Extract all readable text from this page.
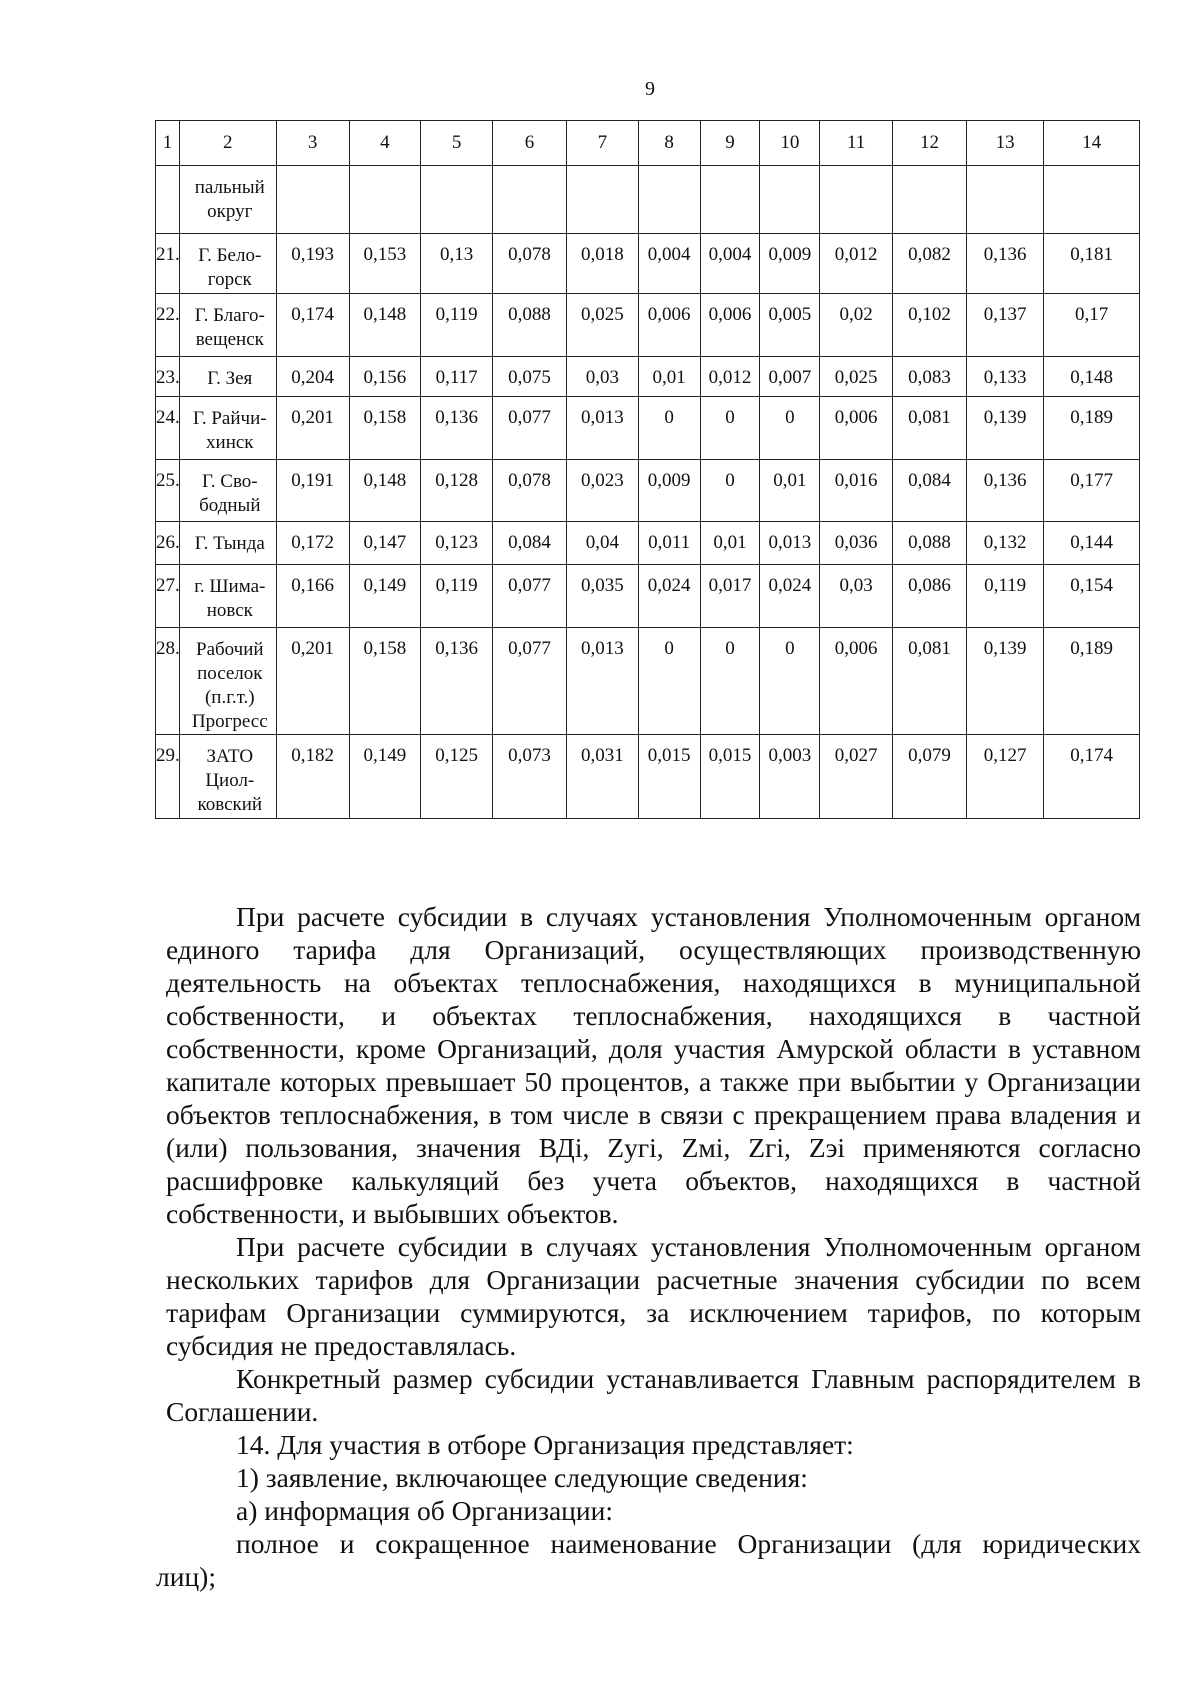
9
1	2	3	4	5	6	7	8	9	10	11	12	13	14
	пальный округ												
21.	Г. Бело- горск	0,193	0,153	0,13	0,078	0,018	0,004	0,004	0,009	0,012	0,082	0,136	0,181
22.	Г. Благо- вещенск	0,174	0,148	0,119	0,088	0,025	0,006	0,006	0,005	0,02	0,102	0,137	0,17
23.	Г. Зея	0,204	0,156	0,117	0,075	0,03	0,01	0,012	0,007	0,025	0,083	0,133	0,148
24.	Г. Райчи- хинск	0,201	0,158	0,136	0,077	0,013	0	0	0	0,006	0,081	0,139	0,189
25.	Г. Сво- бодный	0,191	0,148	0,128	0,078	0,023	0,009	0	0,01	0,016	0,084	0,136	0,177
26.	Г. Тында	0,172	0,147	0,123	0,084	0,04	0,011	0,01	0,013	0,036	0,088	0,132	0,144
27.	г. Шима- новск	0,166	0,149	0,119	0,077	0,035	0,024	0,017	0,024	0,03	0,086	0,119	0,154
28.	Рабочий поселок (п.г.т.) Прогресс	0,201	0,158	0,136	0,077	0,013	0	0	0	0,006	0,081	0,139	0,189
29.	ЗАТО Циол- ковский	0,182	0,149	0,125	0,073	0,031	0,015	0,015	0,003	0,027	0,079	0,127	0,174

При расчете субсидии в случаях установления Уполномоченным органом единого тарифа для Организаций, осуществляющих производственную деятельность на объектах теплоснабжения, находящихся в муниципальной собственности, и объектах теплоснабжения, находящихся в частной собственности, кроме Организаций, доля участия Амурской области в уставном капитале которых превышает 50 процентов, а также при выбытии у Организации объектов теплоснабжения, в том числе в связи с прекращением права владения и (или) пользования, значения ВДі, Zугі, Zмі, Zгі, Zэі применяются согласно расшифровке калькуляций без учета объектов, находящихся в частной собственности, и выбывших объектов.

При расчете субсидии в случаях установления Уполномоченным органом нескольких тарифов для Организации расчетные значения субсидии по всем тарифам Организации суммируются, за исключением тарифов, по которым субсидия не предоставлялась.

Конкретный размер субсидии устанавливается Главным распорядителем в Соглашении.

14. Для участия в отборе Организация представляет:

1) заявление, включающее следующие сведения:

а) информация об Организации:

полное и сокращенное наименование Организации (для юридических

лиц);
